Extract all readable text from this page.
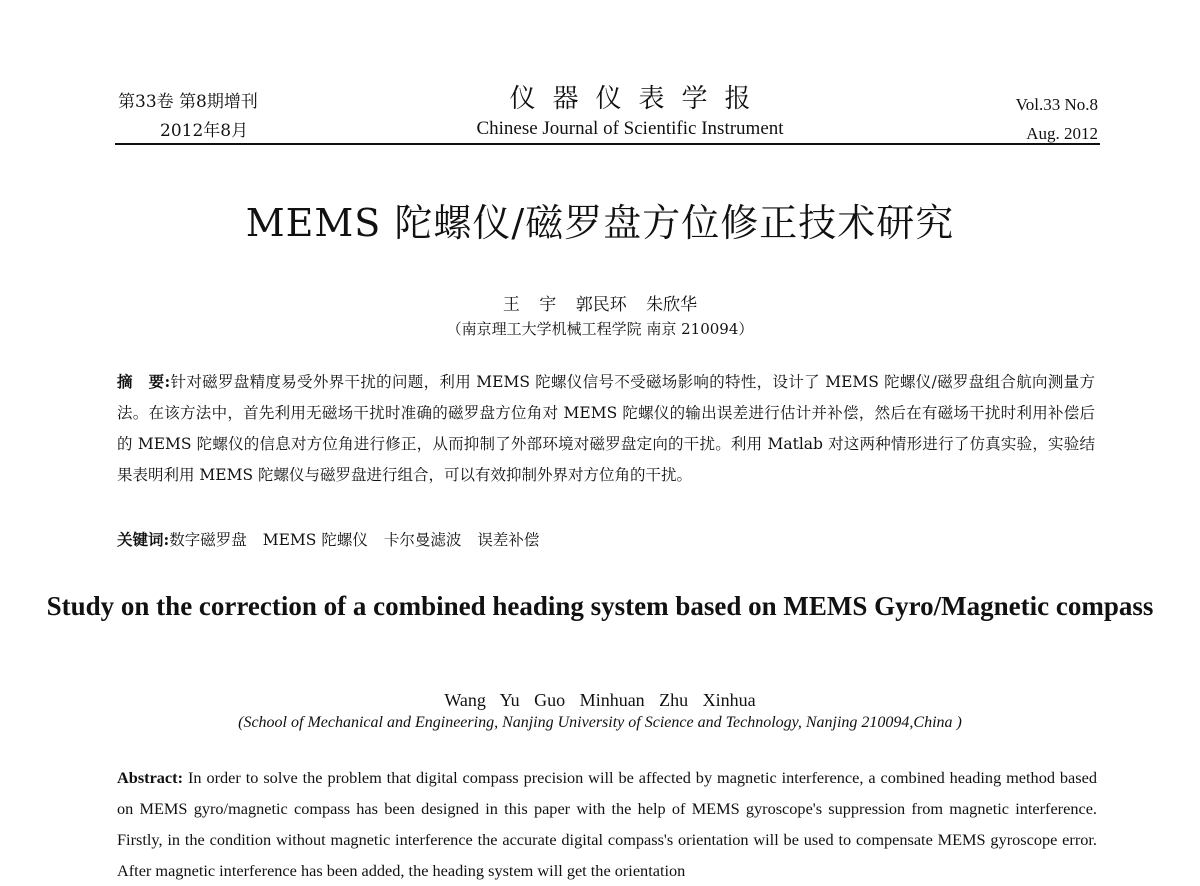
第33卷 第8期增刊
2012年8月
仪器仪表学报
Chinese Journal of Scientific Instrument
Vol.33 No.8
Aug. 2012
MEMS 陀螺仪/磁罗盘方位修正技术研究
王 宇 郭民环 朱欣华
（南京理工大学机械工程学院 南京 210094）
摘　要:针对磁罗盘精度易受外界干扰的问题，利用 MEMS 陀螺仪信号不受磁场影响的特性，设计了 MEMS 陀螺仪/磁罗盘组合航向测量方法。在该方法中，首先利用无磁场干扰时准确的磁罗盘方位角对 MEMS 陀螺仪的输出误差进行估计并补偿，然后在有磁场干扰时利用补偿后的 MEMS 陀螺仪的信息对方位角进行修正，从而抑制了外部环境对磁罗盘定向的干扰。利用 Matlab 对这两种情形进行了仿真实验，实验结果表明利用 MEMS 陀螺仪与磁罗盘进行组合，可以有效抑制外界对方位角的干扰。
关键词:数字磁罗盘 MEMS 陀螺仪 卡尔曼滤波 误差补偿
Study on the correction of a combined heading system based on MEMS Gyro/Magnetic compass
Wang Yu Guo Minhuan Zhu Xinhua
(School of Mechanical and Engineering, Nanjing University of Science and Technology, Nanjing 210094,China )
Abstract: In order to solve the problem that digital compass precision will be affected by magnetic interference, a combined heading method based on MEMS gyro/magnetic compass has been designed in this paper with the help of MEMS gyroscope's suppression from magnetic interference. Firstly, in the condition without magnetic interference the accurate digital compass's orientation will be used to compensate MEMS gyroscope error. After magnetic interference has been added, the heading system will get the orientation
